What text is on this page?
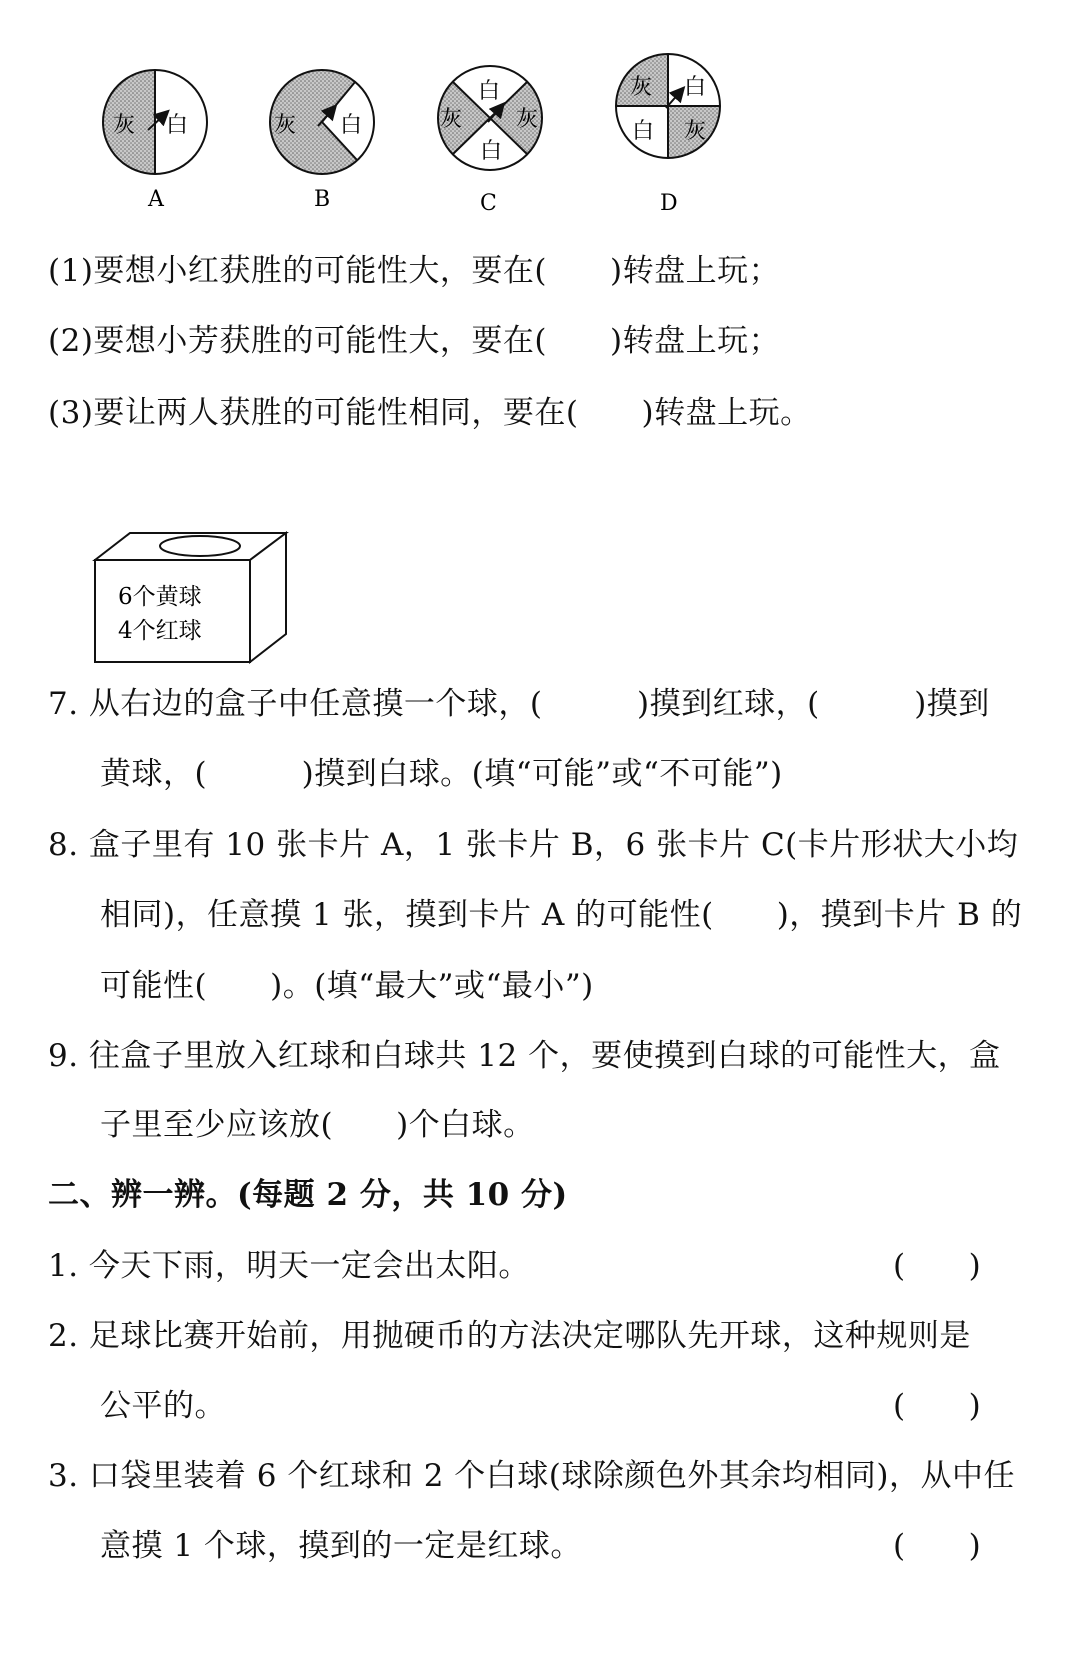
灰 白
A
灰 白
B
白
灰 灰
白
C
灰 白
白 灰
D
(1)要想小红获胜的可能性大，要在(　　)转盘上玩；
(2)要想小芳获胜的可能性大，要在(　　)转盘上玩；
(3)要让两人获胜的可能性相同，要在(　　)转盘上玩。
6个黄球
4个红球
7. 从右边的盒子中任意摸一个球，(　　　)摸到红球，(　　　)摸到
黄球，(　　　)摸到白球。(填“可能”或“不可能”)
8. 盒子里有 10 张卡片 A，1 张卡片 B，6 张卡片 C(卡片形状大小均
相同)，任意摸 1 张，摸到卡片 A 的可能性(　　)，摸到卡片 B 的
可能性(　　)。(填“最大”或“最小”)
9. 往盒子里放入红球和白球共 12 个，要使摸到白球的可能性大，盒
子里至少应该放(　　)个白球。
二、辨一辨。(每题 2 分，共 10 分)
1. 今天下雨，明天一定会出太阳。	(　　)
2. 足球比赛开始前，用抛硬币的方法决定哪队先开球，这种规则是
公平的。	(　　)
3. 口袋里装着 6 个红球和 2 个白球(球除颜色外其余均相同)，从中任
意摸 1 个球，摸到的一定是红球。	(　　)
